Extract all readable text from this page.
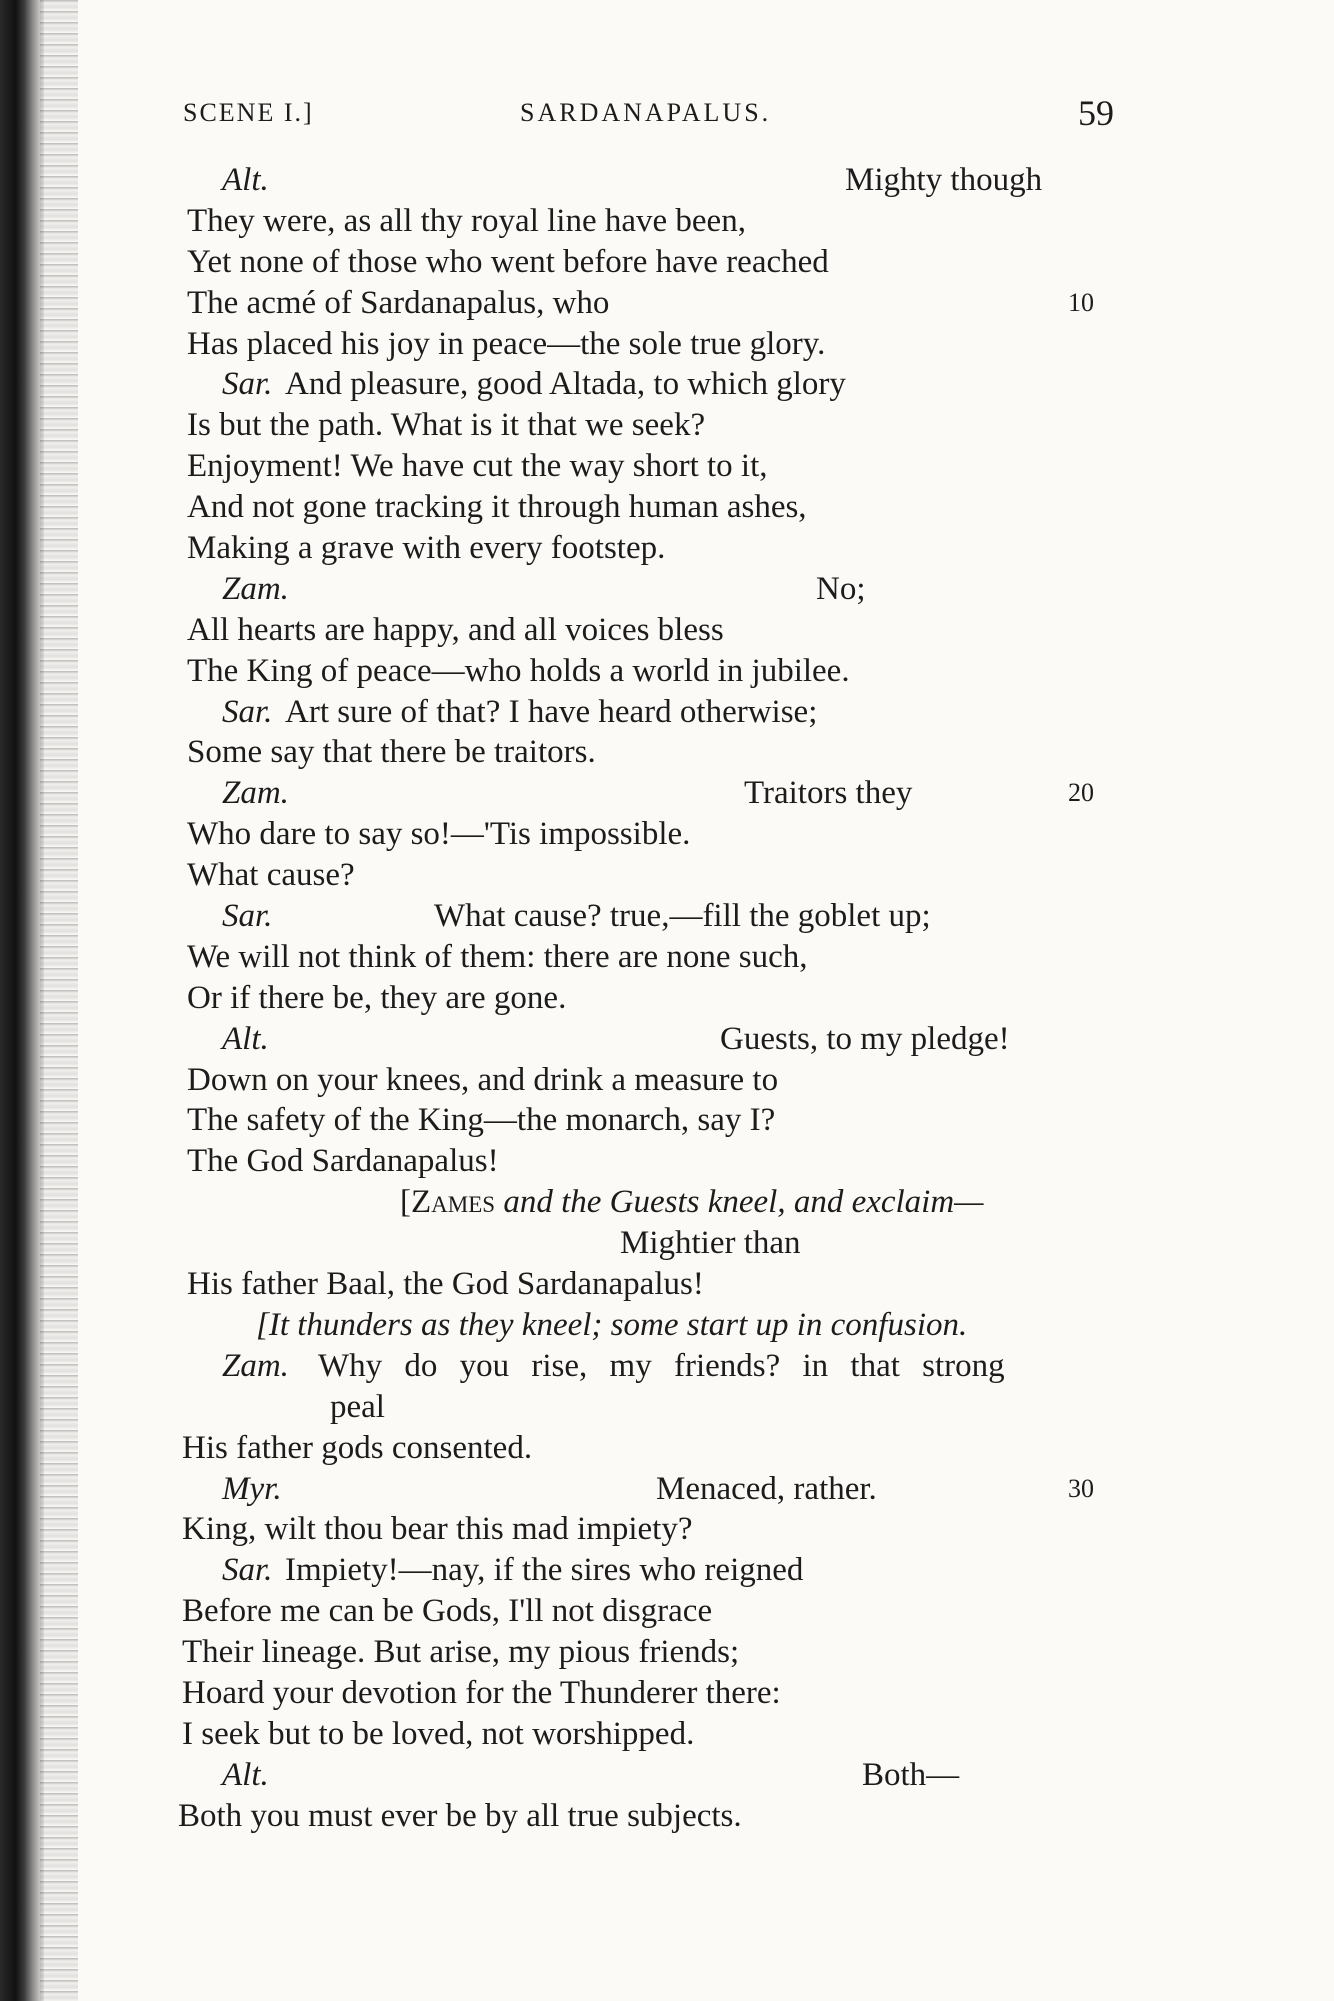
SCENE I.]	SARDANAPALUS.	59
Alt.	Mighty though
They were, as all thy royal line have been,
Yet none of those who went before have reached
The acmé of Sardanapalus, who	10
Has placed his joy in peace—the sole true glory.
Sar. And pleasure, good Altada, to which glory
Is but the path. What is it that we seek?
Enjoyment! We have cut the way short to it,
And not gone tracking it through human ashes,
Making a grave with every footstep.
Zam.	No;
All hearts are happy, and all voices bless
The King of peace—who holds a world in jubilee.
Sar. Art sure of that? I have heard otherwise;
Some say that there be traitors.
Zam.	Traitors they	20
Who dare to say so!—'Tis impossible.
What cause?
Sar.	What cause? true,—fill the goblet up;
We will not think of them: there are none such,
Or if there be, they are gone.
Alt.	Guests, to my pledge!
Down on your knees, and drink a measure to
The safety of the King—the monarch, say I?
The God Sardanapalus!
[Zames and the Guests kneel, and exclaim—
Mightier than
His father Baal, the God Sardanapalus!
[It thunders as they kneel; some start up in confusion.
Zam. Why do you rise, my friends? in that strong
peal
His father gods consented.
Myr.	Menaced, rather.	30
King, wilt thou bear this mad impiety?
Sar. Impiety!—nay, if the sires who reigned
Before me can be Gods, I'll not disgrace
Their lineage. But arise, my pious friends;
Hoard your devotion for the Thunderer there:
I seek but to be loved, not worshipped.
Alt.	Both—
Both you must ever be by all true subjects.
